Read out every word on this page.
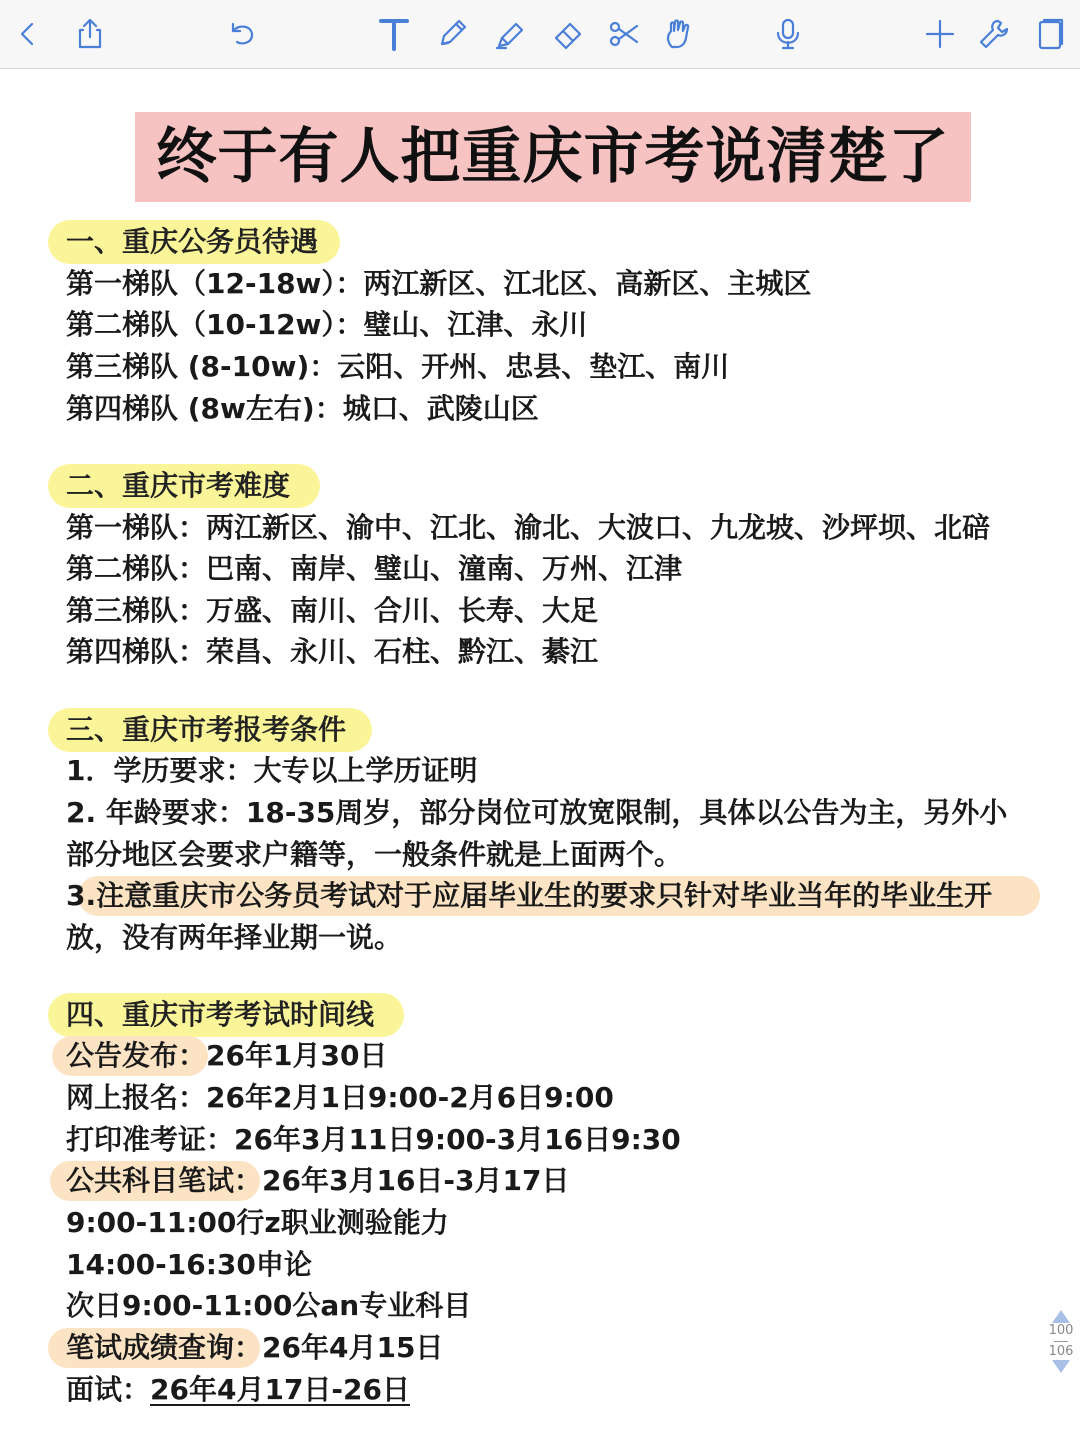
终于有人把重庆市考说清楚了
一、重庆公务员待遇
第一梯队（12-18w）：两江新区、江北区、高新区、主城区
第二梯队（10-12w）：璧山、江津、永川
第三梯队 (8-10w)：云阳、开州、忠县、垫江、南川
第四梯队 (8w左右)：城口、武陵山区
二、重庆市考难度
第一梯队：两江新区、渝中、江北、渝北、大波口、九龙坡、沙坪坝、北碚
第二梯队：巴南、南岸、璧山、潼南、万州、江津
第三梯队：万盛、南川、合川、长寿、大足
第四梯队：荣昌、永川、石柱、黔江、綦江
三、重庆市考报考条件
1．学历要求：大专以上学历证明
2. 年龄要求：18-35周岁，部分岗位可放宽限制，具体以公告为主，另外小
部分地区会要求户籍等，一般条件就是上面两个。
3.注意重庆市公务员考试对于应届毕业生的要求只针对毕业当年的毕业生开
放，没有两年择业期一说。
四、重庆市考考试时间线
公告发布：26年1月30日
网上报名：26年2月1日9:00-2月6日9:00
打印准考证：26年3月11日9:00-3月16日9:30
公共科目笔试：26年3月16日-3月17日
9:00-11:00行z职业测验能力
14:00-16:30申论
次日9:00-11:00公an专业科目
笔试成绩查询：26年4月15日
面试：26年4月17日-26日
100
106
